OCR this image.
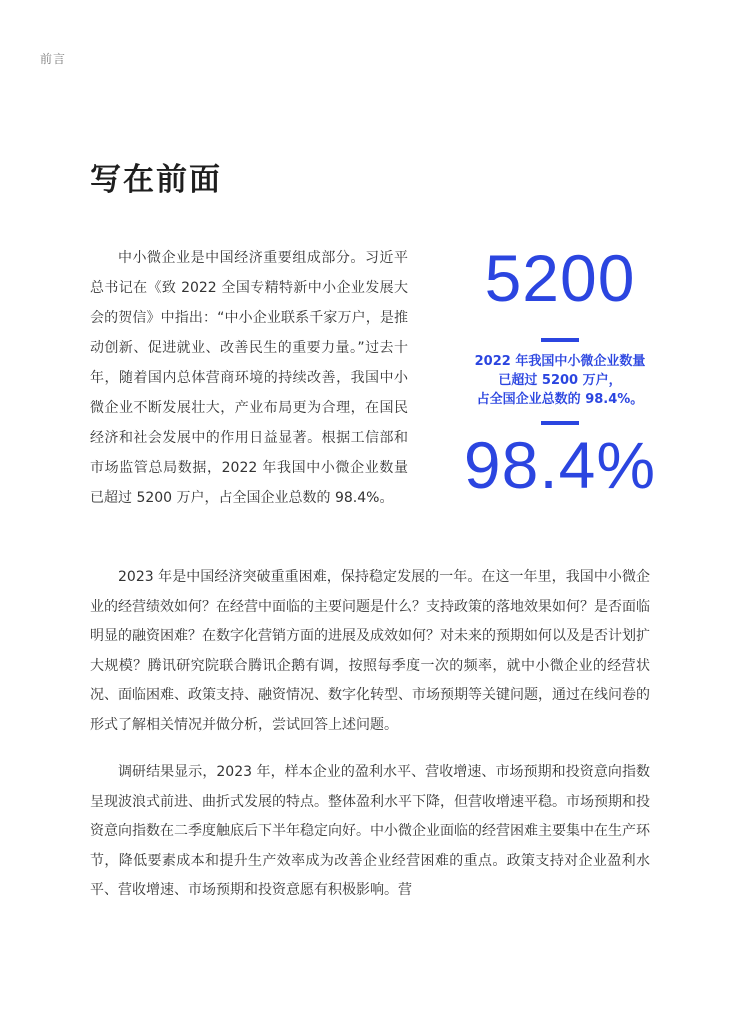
前言
写在前面

中小微企业是中国经济重要组成部分。习近平总书记在《致 2022 全国专精特新中小企业发展大会的贺信》中指出：“中小企业联系千家万户，是推动创新、促进就业、改善民生的重要力量。”过去十年，随着国内总体营商环境的持续改善，我国中小微企业不断发展壮大，产业布局更为合理，在国民经济和社会发展中的作用日益显著。根据工信部和市场监管总局数据，2022 年我国中小微企业数量已超过 5200 万户，占全国企业总数的 98.4%。

5200
2022 年我国中小微企业数量
已超过 5200 万户，
占全国企业总数的 98.4%。
98.4%

2023 年是中国经济突破重重困难，保持稳定发展的一年。在这一年里，我国中小微企业的经营绩效如何？在经营中面临的主要问题是什么？支持政策的落地效果如何？是否面临明显的融资困难？在数字化营销方面的进展及成效如何？对未来的预期如何以及是否计划扩大规模？腾讯研究院联合腾讯企鹅有调，按照每季度一次的频率，就中小微企业的经营状况、面临困难、政策支持、融资情况、数字化转型、市场预期等关键问题，通过在线问卷的形式了解相关情况并做分析，尝试回答上述问题。

调研结果显示，2023 年，样本企业的盈利水平、营收增速、市场预期和投资意向指数呈现波浪式前进、曲折式发展的特点。整体盈利水平下降，但营收增速平稳。市场预期和投资意向指数在二季度触底后下半年稳定向好。中小微企业面临的经营困难主要集中在生产环节，降低要素成本和提升生产效率成为改善企业经营困难的重点。政策支持对企业盈利水平、营收增速、市场预期和投资意愿有积极影响。营
